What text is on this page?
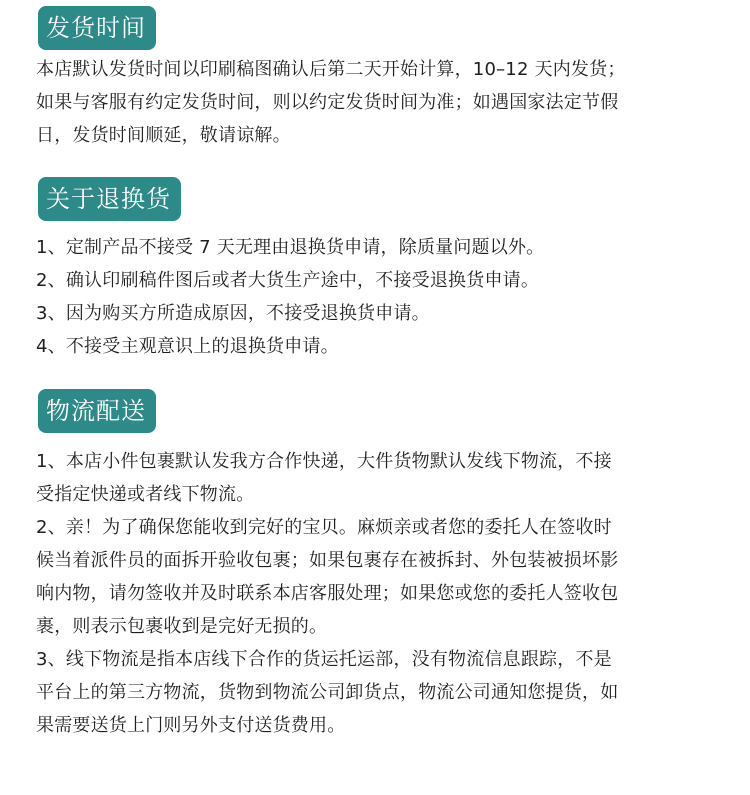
发货时间
本店默认发货时间以印刷稿图确认后第二天开始计算，10–12 天内发货；
如果与客服有约定发货时间，则以约定发货时间为准；如遇国家法定节假
日，发货时间顺延，敬请谅解。
关于退换货
1、定制产品不接受 7 天无理由退换货申请，除质量问题以外。
2、确认印刷稿件图后或者大货生产途中，不接受退换货申请。
3、因为购买方所造成原因，不接受退换货申请。
4、不接受主观意识上的退换货申请。
物流配送
1、本店小件包裹默认发我方合作快递，大件货物默认发线下物流，不接
受指定快递或者线下物流。
2、亲！为了确保您能收到完好的宝贝。麻烦亲或者您的委托人在签收时
候当着派件员的面拆开验收包裹；如果包裹存在被拆封、外包装被损坏影
响内物，请勿签收并及时联系本店客服处理；如果您或您的委托人签收包
裹，则表示包裹收到是完好无损的。
3、线下物流是指本店线下合作的货运托运部，没有物流信息跟踪，不是
平台上的第三方物流，货物到物流公司卸货点，物流公司通知您提货，如
果需要送货上门则另外支付送货费用。
